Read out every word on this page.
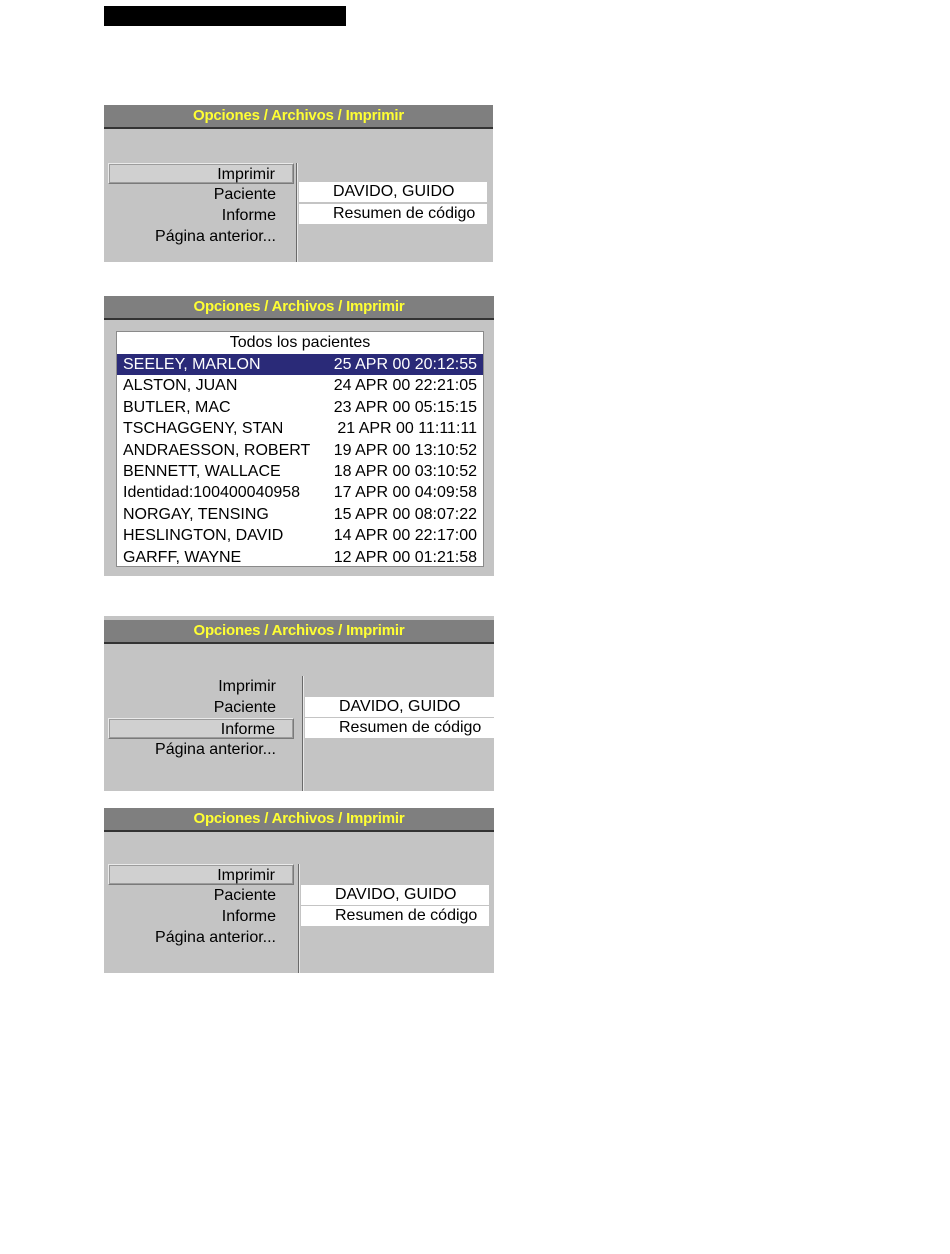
Opciones / Archivos / Imprimir
Imprimir
Paciente
Informe
Página anterior...
DAVIDO, GUIDO
Resumen de código
Opciones / Archivos / Imprimir
Todos los pacientes
SEELEY, MARLON	25 APR 00 20:12:55
ALSTON, JUAN	24 APR 00 22:21:05
BUTLER, MAC	23 APR 00 05:15:15
TSCHAGGENY, STAN	21 APR 00 11:11:11
ANDRAESSON, ROBERT 19 APR 00 13:10:52
BENNETT, WALLACE	18 APR 00 03:10:52
Identidad:100400040958 17 APR 00 04:09:58
NORGAY, TENSING	15 APR 00 08:07:22
HESLINGTON, DAVID	14 APR 00 22:17:00
GARFF, WAYNE	12 APR 00 01:21:58
Opciones / Archivos / Imprimir
Imprimir
Paciente
Informe
Página anterior...
DAVIDO, GUIDO
Resumen de código
Opciones / Archivos / Imprimir
Imprimir
Paciente
Informe
Página anterior...
DAVIDO, GUIDO
Resumen de código
